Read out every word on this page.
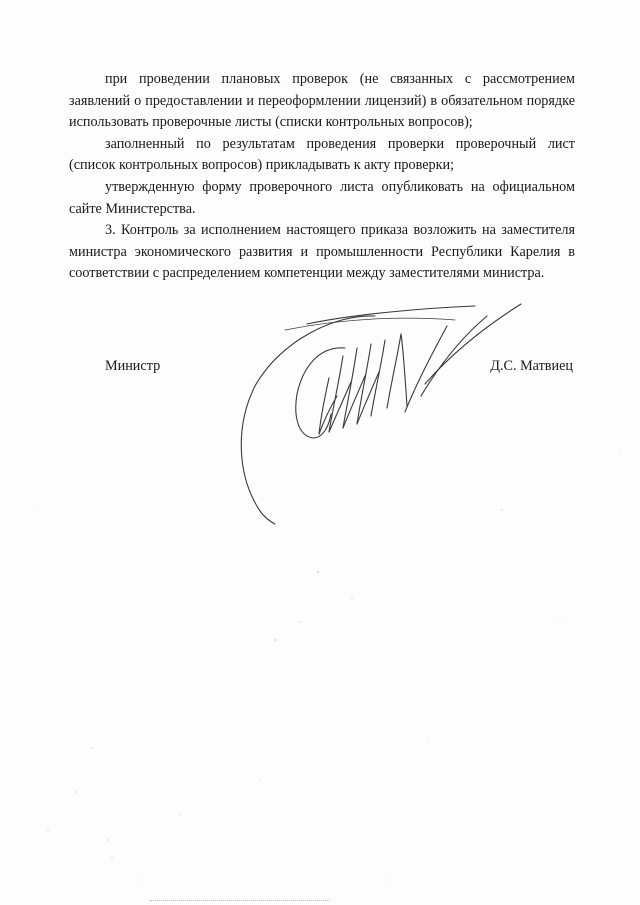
при проведении плановых проверок (не связанных с рассмотрением заявлений о предоставлении и переоформлении лицензий) в обязательном порядке использовать проверочные листы (списки контрольных вопросов);

заполненный по результатам проведения проверки проверочный лист (список контрольных вопросов) прикладывать к акту проверки;

утвержденную форму проверочного листа опубликовать на официальном сайте Министерства.

3. Контроль за исполнением настоящего приказа возложить на заместителя министра экономического развития и промышленности Республики Карелия в соответствии с распределением компетенции между заместителями министра.

Министр	Д.С. Матвиец
